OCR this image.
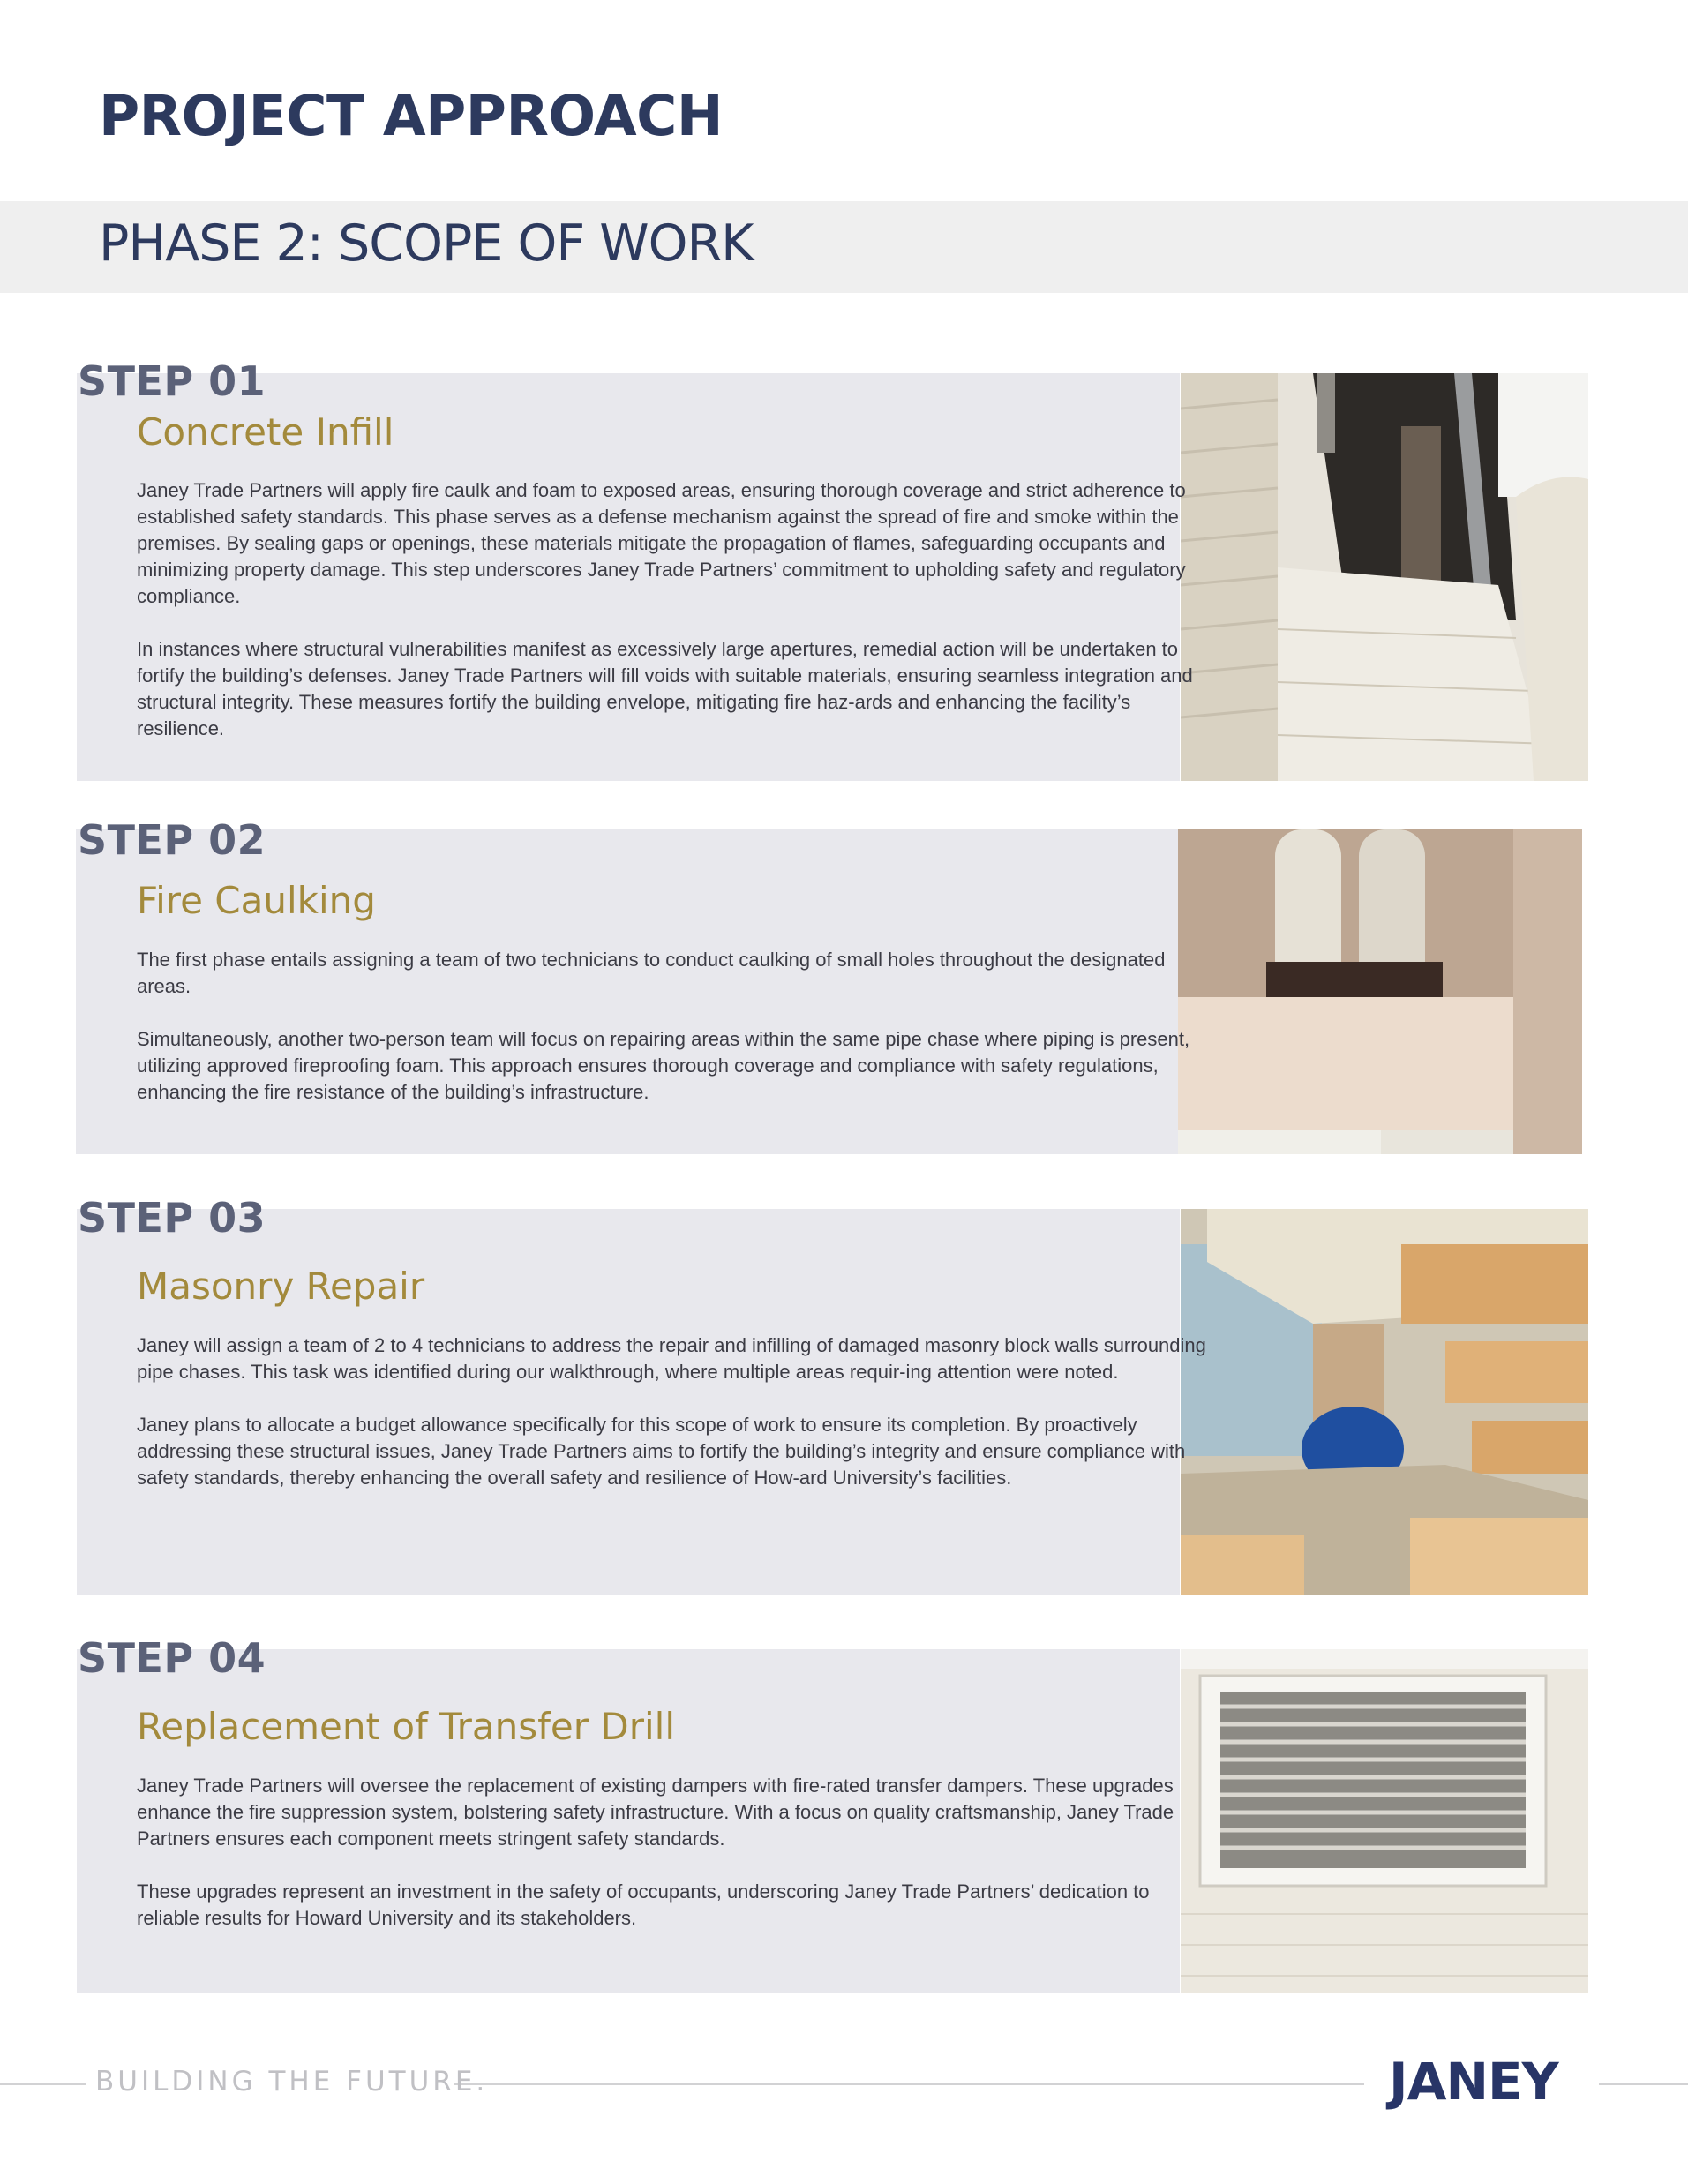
PROJECT APPROACH
PHASE 2: SCOPE OF WORK
STEP 01
Concrete Infill

Janey Trade Partners will apply fire caulk and foam to exposed areas, ensuring thorough coverage and strict adherence to established safety standards. This phase serves as a defense mechanism against the spread of fire and smoke within the premises. By sealing gaps or openings, these materials mitigate the propagation of flames, safeguarding occupants and minimizing property damage. This step underscores Janey Trade Partners’ commitment to upholding safety and regulatory compliance.

In instances where structural vulnerabilities manifest as excessively large apertures, remedial action will be undertaken to fortify the building’s defenses. Janey Trade Partners will fill voids with suitable materials, ensuring seamless integration and structural integrity. These measures fortify the building envelope, mitigating fire haz-ards and enhancing the facility’s resilience.

STEP 02
Fire Caulking

The first phase entails assigning a team of two technicians to conduct caulking of small holes throughout the designated areas.

Simultaneously, another two-person team will focus on repairing areas within the same pipe chase where piping is present, utilizing approved fireproofing foam. This approach ensures thorough coverage and compliance with safety regulations, enhancing the fire resistance of the building’s infrastructure.

STEP 03
Masonry Repair

Janey will assign a team of 2 to 4 technicians to address the repair and infilling of damaged masonry block walls surrounding pipe chases. This task was identified during our walkthrough, where multiple areas requir-ing attention were noted.

Janey plans to allocate a budget allowance specifically for this scope of work to ensure its completion. By proactively addressing these structural issues, Janey Trade Partners aims to fortify the building’s integrity and ensure compliance with safety standards, thereby enhancing the overall safety and resilience of How-ard University’s facilities.

STEP 04
Replacement of Transfer Drill

Janey Trade Partners will oversee the replacement of existing dampers with fire-rated transfer dampers. These upgrades enhance the fire suppression system, bolstering safety infrastructure. With a focus on quality craftsmanship, Janey Trade Partners ensures each component meets stringent safety standards.

These upgrades represent an investment in the safety of occupants, underscoring Janey Trade Partners’ dedication to reliable results for Howard University and its stakeholders.

BUILDING THE FUTURE.	JANEY
